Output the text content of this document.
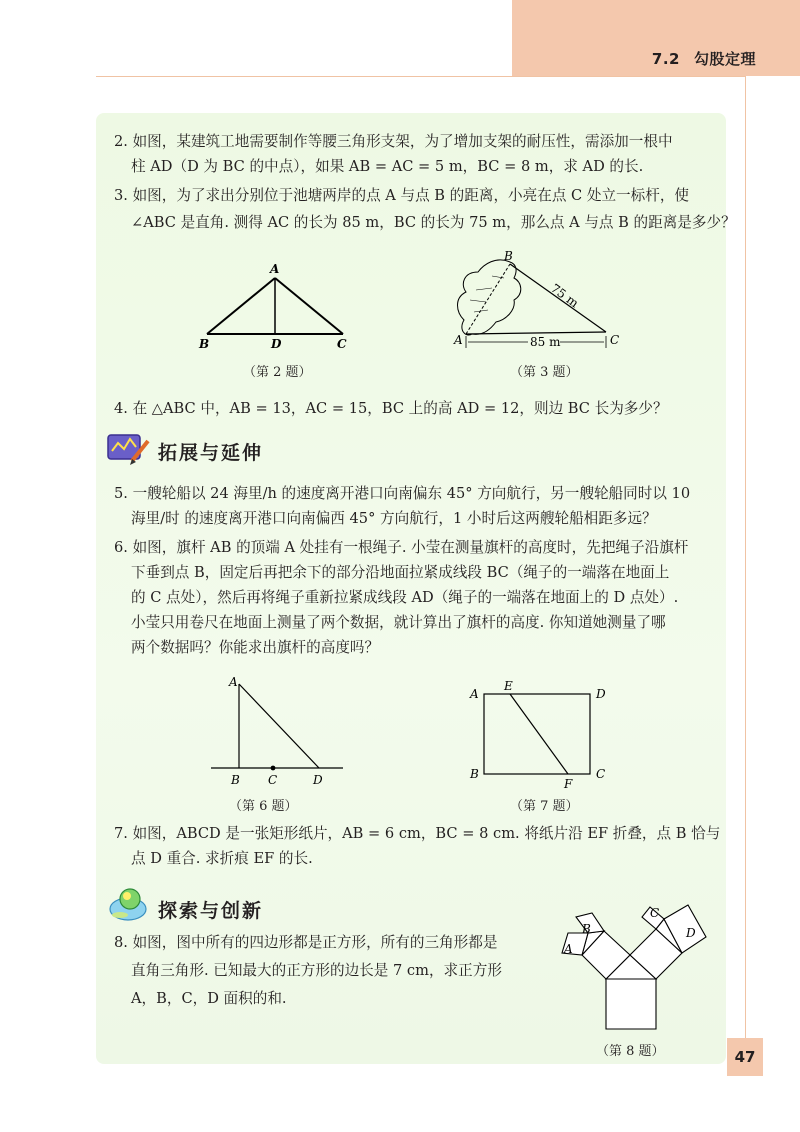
7.2 勾股定理
2. 如图，某建筑工地需要制作等腰三角形支架，为了增加支架的耐压性，需添加一根中
柱 AD（D 为 BC 的中点），如果 AB = AC = 5 m，BC = 8 m，求 AD 的长.
3. 如图，为了求出分别位于池塘两岸的点 A 与点 B 的距离，小亮在点 C 处立一标杆，使
∠ABC 是直角. 测得 AC 的长为 85 m，BC 的长为 75 m，那么点 A 与点 B 的距离是多少？
A
B	D	C
（第 2 题）
B
A	C
75 m
85 m
（第 3 题）
4. 在 △ABC 中，AB = 13，AC = 15，BC 上的高 AD = 12，则边 BC 长为多少？
拓展与延伸
5. 一艘轮船以 24 海里/h 的速度离开港口向南偏东 45° 方向航行，另一艘轮船同时以 10
海里/时 的速度离开港口向南偏西 45° 方向航行，1 小时后这两艘轮船相距多远？
6. 如图，旗杆 AB 的顶端 A 处挂有一根绳子. 小莹在测量旗杆的高度时，先把绳子沿旗杆
下垂到点 B，固定后再把余下的部分沿地面拉紧成线段 BC（绳子的一端落在地面上
的 C 点处），然后再将绳子重新拉紧成线段 AD（绳子的一端落在地面上的 D 点处）.
小莹只用卷尺在地面上测量了两个数据，就计算出了旗杆的高度. 你知道她测量了哪
两个数据吗？你能求出旗杆的高度吗？
A
B C	D
（第 6 题）
A
E
D
B
F
C
（第 7 题）
7. 如图，ABCD 是一张矩形纸片，AB = 6 cm，BC = 8 cm. 将纸片沿 EF 折叠，点 B 恰与
点 D 重合. 求折痕 EF 的长.
探索与创新
8. 如图，图中所有的四边形都是正方形，所有的三角形都是
直角三角形. 已知最大的正方形的边长是 7 cm，求正方形
A，B，C，D 面积的和.
B
A
C
D
（第 8 题）	47
